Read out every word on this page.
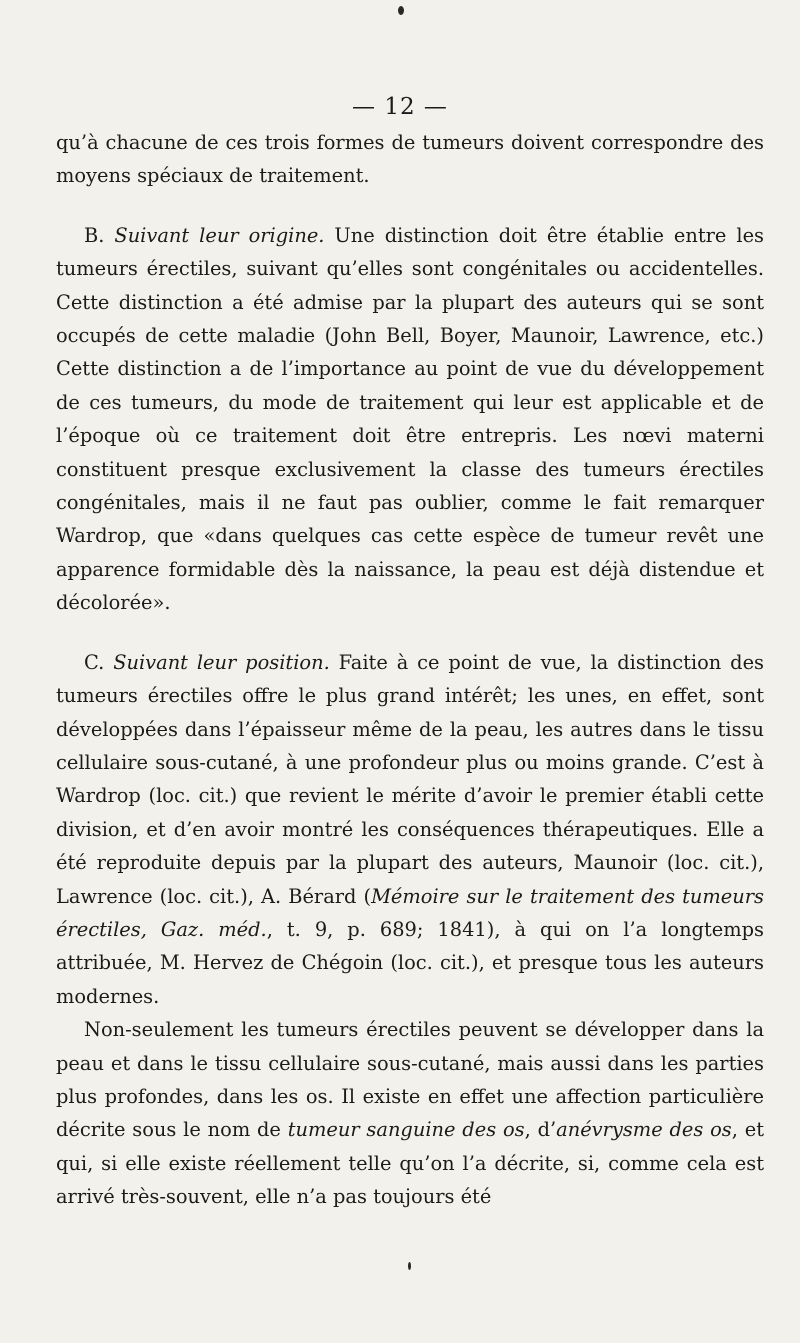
— 12 —

qu’à chacune de ces trois formes de tumeurs doivent correspondre des moyens spéciaux de traitement.

B. Suivant leur origine. Une distinction doit être établie entre les tumeurs érectiles, suivant qu’elles sont congénitales ou accidentelles. Cette distinction a été admise par la plupart des auteurs qui se sont occupés de cette maladie (John Bell, Boyer, Maunoir, Lawrence, etc.) Cette distinction a de l’importance au point de vue du développement de ces tumeurs, du mode de traitement qui leur est applicable et de l’époque où ce traitement doit être entrepris. Les nœvi materni constituent presque exclusivement la classe des tumeurs érectiles congénitales, mais il ne faut pas oublier, comme le fait remarquer Wardrop, que «dans quelques cas cette espèce de tumeur revêt une apparence formidable dès la naissance, la peau est déjà distendue et décolorée».

C. Suivant leur position. Faite à ce point de vue, la distinction des tumeurs érectiles offre le plus grand intérêt; les unes, en effet, sont développées dans l’épaisseur même de la peau, les autres dans le tissu cellulaire sous-cutané, à une profondeur plus ou moins grande. C’est à Wardrop (loc. cit.) que revient le mérite d’avoir le premier établi cette division, et d’en avoir montré les conséquences thérapeutiques. Elle a été reproduite depuis par la plupart des auteurs, Maunoir (loc. cit.), Lawrence (loc. cit.), A. Bérard (Mémoire sur le traitement des tumeurs érectiles, Gaz. méd., t. 9, p. 689; 1841), à qui on l’a longtemps attribuée, M. Hervez de Chégoin (loc. cit.), et presque tous les auteurs modernes.

Non-seulement les tumeurs érectiles peuvent se développer dans la peau et dans le tissu cellulaire sous-cutané, mais aussi dans les parties plus profondes, dans les os. Il existe en effet une affection particulière décrite sous le nom de tumeur sanguine des os, d’anévrysme des os, et qui, si elle existe réellement telle qu’on l’a décrite, si, comme cela est arrivé très-souvent, elle n’a pas toujours été
